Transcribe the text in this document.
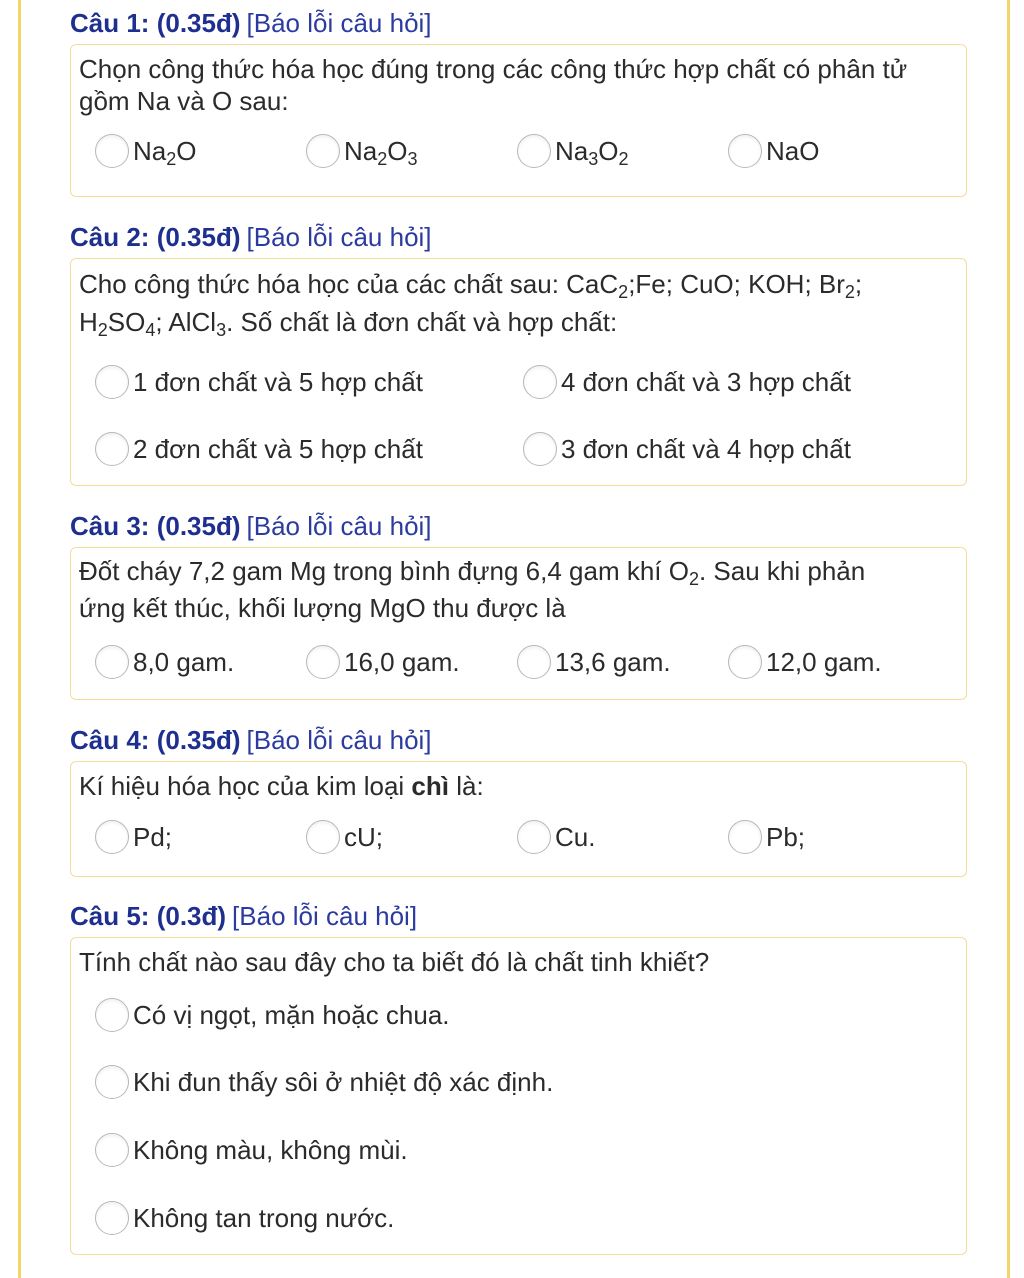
Câu 1: (0.35đ) [Báo lỗi câu hỏi]
Chọn công thức hóa học đúng trong các công thức hợp chất có phân tử gồm Na và O sau:
$Na_2O$	$Na_2O_3$	$Na_3O_2$	NaO
Câu 2: (0.35đ) [Báo lỗi câu hỏi]
Cho công thức hóa học của các chất sau: CaC$_2$;Fe; CuO; KOH; $Br_2$;
$H_2SO_4$; AlCl$_3$. Số chất là đơn chất và hợp chất:
1 đơn chất và 5 hợp chất	4 đơn chất và 3 hợp chất
2 đơn chất và 5 hợp chất	3 đơn chất và 4 hợp chất
Câu 3: (0.35đ) [Báo lỗi câu hỏi]
Đốt cháy 7,2 gam Mg trong bình đựng 6,4 gam khí $O_2$. Sau khi phản
ứng kết thúc, khối lượng MgO thu được là
8,0 gam.	16,0 gam.	13,6 gam.	12,0 gam.
Câu 4: (0.35đ) [Báo lỗi câu hỏi]
Kí hiệu hóa học của kim loại chì là:
Pd;	cU;	Cu.	Pb;
Câu 5: (0.3đ) [Báo lỗi câu hỏi]
Tính chất nào sau đây cho ta biết đó là chất tinh khiết?
Có vị ngọt, mặn hoặc chua.
Khi đun thấy sôi ở nhiệt độ xác định.
Không màu, không mùi.
Không tan trong nước.
